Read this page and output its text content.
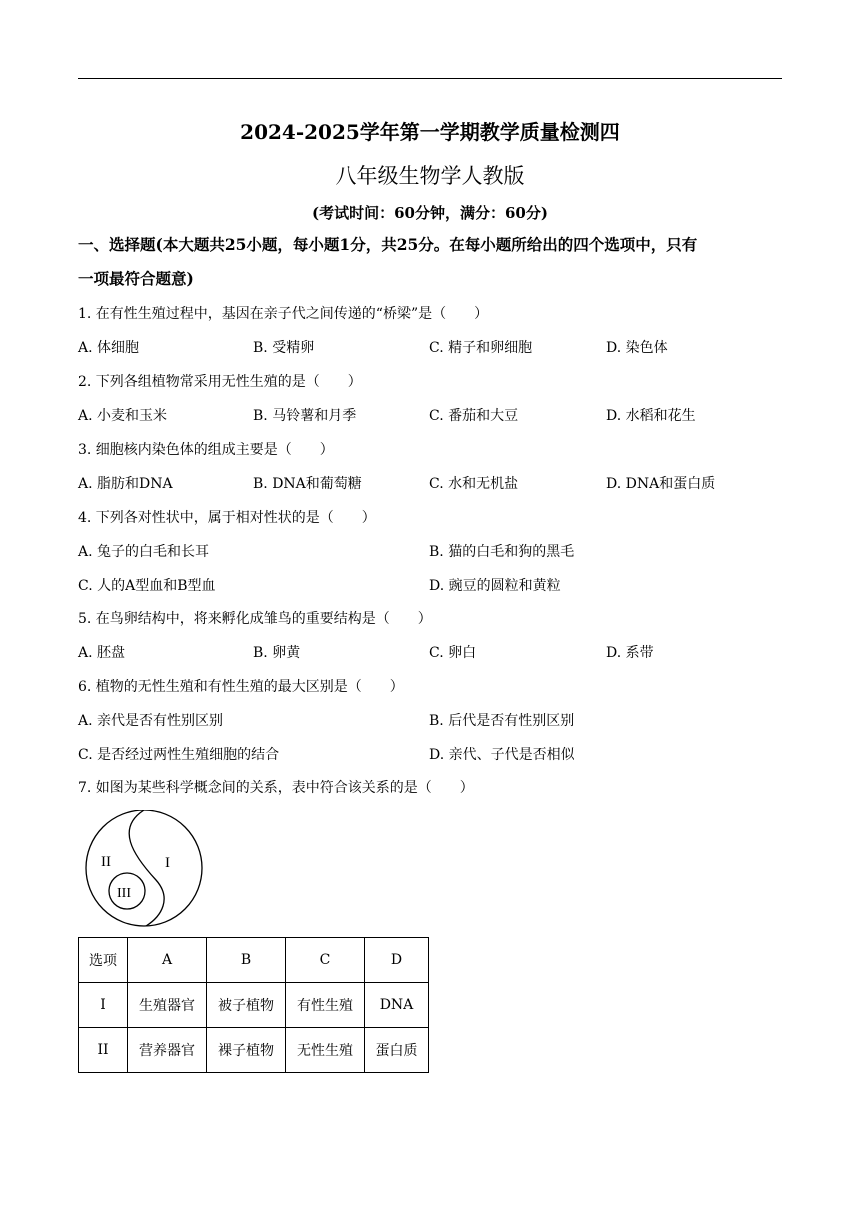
2024-2025学年第一学期教学质量检测四
八年级生物学人教版
(考试时间：60分钟，满分：60分)
一、选择题(本大题共25小题，每小题1分，共25分。在每小题所给出的四个选项中，只有
一项最符合题意)
1. 在有性生殖过程中，基因在亲子代之间传递的“桥梁”是（　　）
A. 体细胞	B. 受精卵	C. 精子和卵细胞	D. 染色体
2. 下列各组植物常采用无性生殖的是（　　）
A. 小麦和玉米	B. 马铃薯和月季	C. 番茄和大豆	D. 水稻和花生
3. 细胞核内染色体的组成主要是（　　）
A. 脂肪和DNA	B. DNA和葡萄糖	C. 水和无机盐	D. DNA和蛋白质
4. 下列各对性状中，属于相对性状的是（　　）
A. 兔子的白毛和长耳	B. 猫的白毛和狗的黑毛
C. 人的A型血和B型血	D. 豌豆的圆粒和黄粒
5. 在鸟卵结构中，将来孵化成雏鸟的重要结构是（　　）
A. 胚盘	B. 卵黄	C. 卵白	D. 系带
6. 植物的无性生殖和有性生殖的最大区别是（　　）
A. 亲代是否有性别区别	B. 后代是否有性别区别
C. 是否经过两性生殖细胞的结合	D. 亲代、子代是否相似
7. 如图为某些科学概念间的关系，表中符合该关系的是（　　）
II	I
III
选项	A	B	C	D
I	生殖器官	被子植物	有性生殖	DNA
II	营养器官	裸子植物	无性生殖	蛋白质
